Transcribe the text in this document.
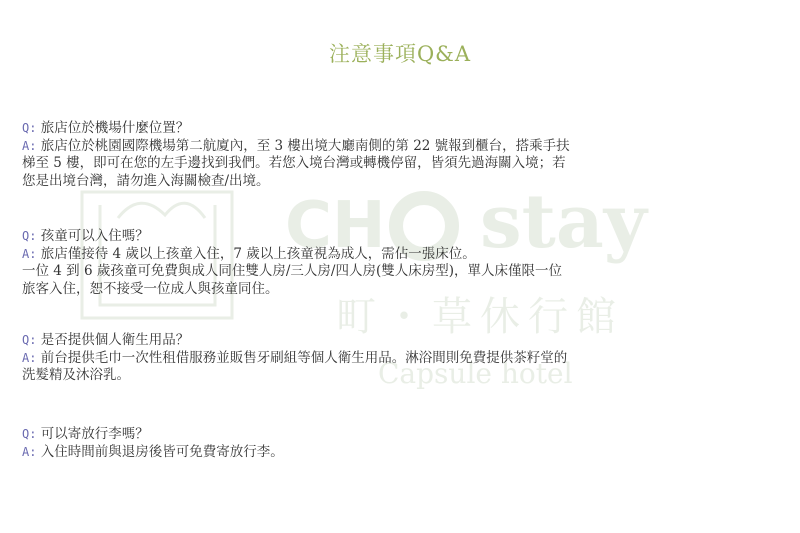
CH stay
町・草休行館
Capsule hotel
注意事項Q&A
Q: 旅店位於機場什麼位置？
A: 旅店位於桃園國際機場第二航廈內，至 3 樓出境大廳南側的第 22 號報到櫃台，搭乘手扶
梯至 5 樓，即可在您的左手邊找到我們。若您入境台灣或轉機停留，皆須先過海關入境；若
您是出境台灣，請勿進入海關檢查/出境。
Q: 孩童可以入住嗎？
A: 旅店僅接待 4 歲以上孩童入住，7 歲以上孩童視為成人，需佔一張床位。
一位 4 到 6 歲孩童可免費與成人同住雙人房/三人房/四人房(雙人床房型)，單人床僅限一位
旅客入住，恕不接受一位成人與孩童同住。
Q: 是否提供個人衛生用品？
A: 前台提供毛巾一次性租借服務並販售牙刷組等個人衛生用品。淋浴間則免費提供茶籽堂的
洗髮精及沐浴乳。
Q: 可以寄放行李嗎？
A: 入住時間前與退房後皆可免費寄放行李。
